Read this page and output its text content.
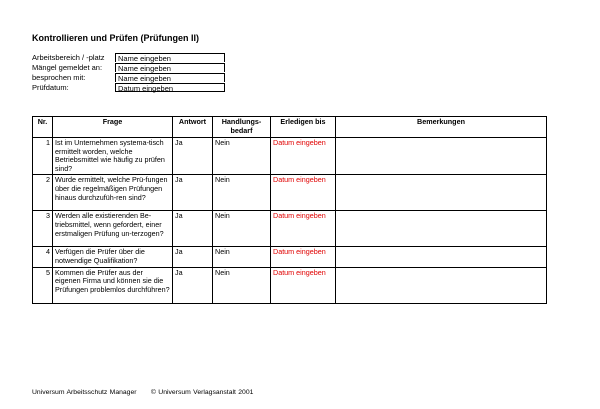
Kontrollieren und Prüfen (Prüfungen II)
Arbeitsbereich / -platz	Name eingeben
Mängel gemeldet an:	Name eingeben
besprochen mit:	Name eingeben
Prüfdatum:	Datum eingeben
Nr.	Frage	Antwort	Handlungs-bedarf	Erledigen bis	Bemerkungen
1	Ist im Unternehmen systema-tisch ermittelt worden, welche Betriebsmittel wie häufig zu prüfen sind?	Ja	Nein	Datum eingeben	
2	Wurde ermittelt, welche Prü-fungen über die regelmäßigen Prüfungen hinaus durchzufüh-ren sind?	Ja	Nein	Datum eingeben	
3	Werden alle existierenden Be-triebsmittel, wenn gefordert, einer erstmaligen Prüfung un-terzogen?	Ja	Nein	Datum eingeben	
4	Verfügen die Prüfer über die notwendige Qualifikation?	Ja	Nein	Datum eingeben	
5	Kommen die Prüfer aus der eigenen Firma und können sie die Prüfungen problemlos durchführen?	Ja	Nein	Datum eingeben	
Universum Arbeitsschutz Manager © Universum Verlagsanstalt 2001
